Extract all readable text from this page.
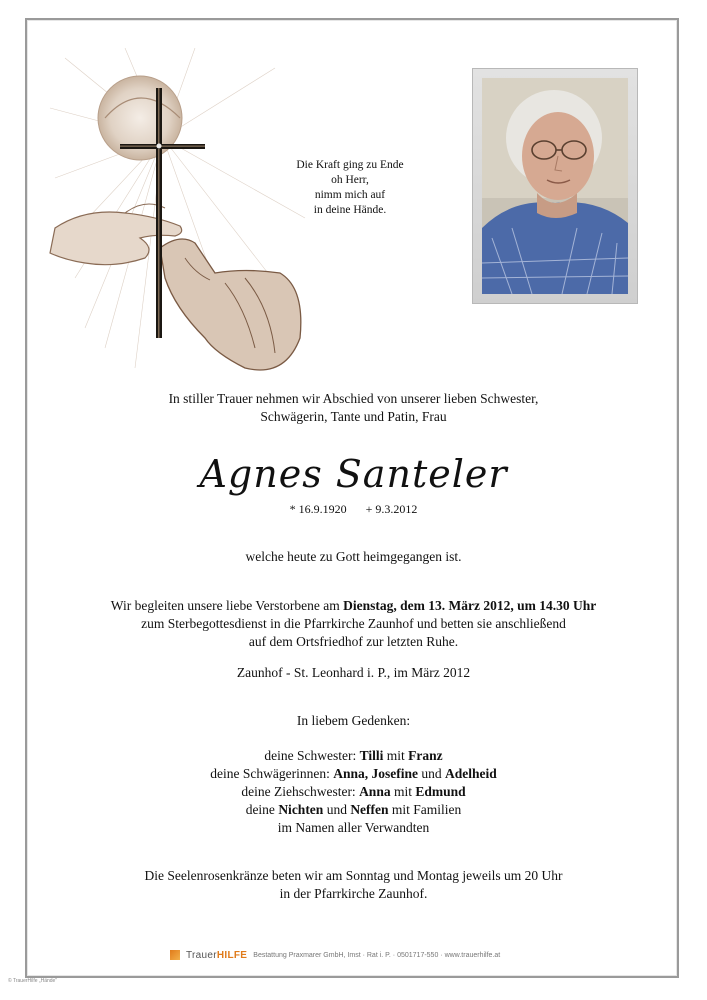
Die Kraft ging zu Ende
oh Herr,
nimm mich auf
in deine Hände.
In stiller Trauer nehmen wir Abschied von unserer lieben Schwester,
Schwägerin, Tante und Patin, Frau
Agnes Santeler
* 16.9.1920 + 9.3.2012
welche heute zu Gott heimgegangen ist.
Wir begleiten unsere liebe Verstorbene am Dienstag, dem 13. März 2012, um 14.30 Uhr
zum Sterbegottesdienst in die Pfarrkirche Zaunhof und betten sie anschließend
auf dem Ortsfriedhof zur letzten Ruhe.
Zaunhof - St. Leonhard i. P., im März 2012
In liebem Gedenken:
deine Schwester: Tilli mit Franz
deine Schwägerinnen: Anna, Josefine und Adelheid
deine Ziehschwester: Anna mit Edmund
deine Nichten und Neffen mit Familien
im Namen aller Verwandten
Die Seelenrosenkränze beten wir am Sonntag und Montag jeweils um 20 Uhr
in der Pfarrkirche Zaunhof.
TrauerHILFE Bestattung Praxmarer GmbH, Imst · Rat i. P. · 0501717-550 · www.trauerhilfe.at
© TrauerHilfe „Hände"
